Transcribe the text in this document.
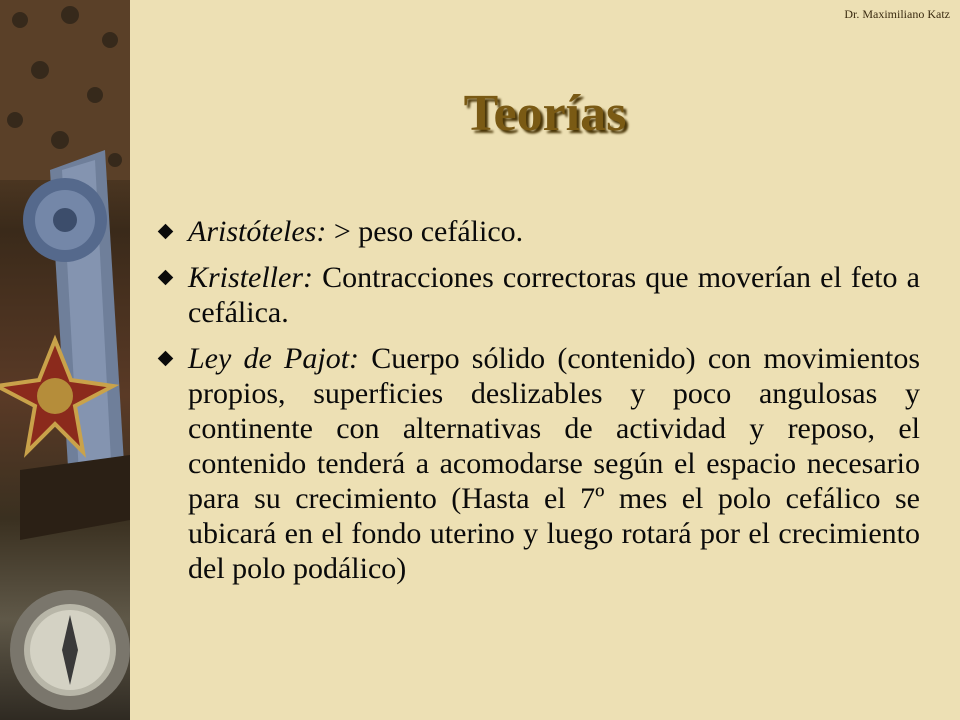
Dr. Maximiliano Katz
Teorías
Aristóteles: > peso cefálico.
Kristeller: Contracciones correctoras que moverían el feto a cefálica.
Ley de Pajot: Cuerpo sólido (contenido) con movimientos propios, superficies deslizables y poco angulosas y continente con alternativas de actividad y reposo, el contenido tenderá a acomodarse según el espacio necesario para su crecimiento (Hasta el 7º mes el polo cefálico se ubicará en el fondo uterino y luego rotará por el crecimiento del polo podálico)
